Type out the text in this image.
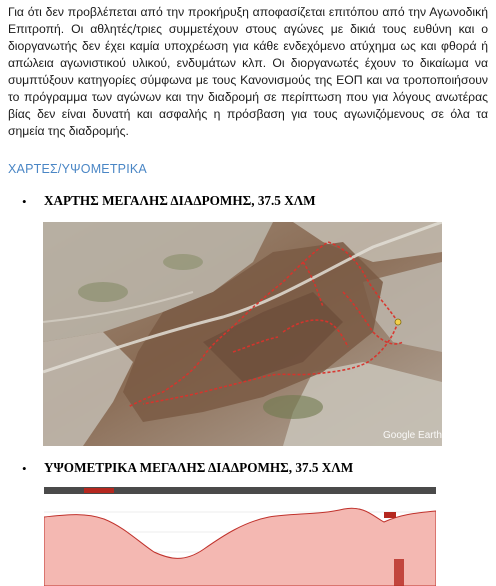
Για ότι δεν προβλέπεται από την προκήρυξη αποφασίζεται επιτόπου από την Αγωνοδική Επιτροπή. Οι αθλητές/τριες συμμετέχουν στους αγώνες με δικιά τους ευθύνη και ο διοργανωτής δεν έχει καμία υποχρέωση για κάθε ενδεχόμενο ατύχημα ως και φθορά ή απώλεια αγωνιστικού υλικού, ενδυμάτων κλπ. Οι διοργανωτές έχουν το δικαίωμα να συμπτύξουν κατηγορίες σύμφωνα με τους Κανονισμούς της ΕΟΠ και να τροποποιήσουν το πρόγραμμα των αγώνων και την διαδρομή σε περίπτωση που για λόγους ανωτέρας βίας δεν είναι δυνατή και ασφαλής η πρόσβαση για τους αγωνιζόμενους σε όλα τα σημεία της διαδρομής.
ΧΑΡΤΕΣ/ΥΨΟΜΕΤΡΙΚΑ
• ΧΑΡΤΗΣ ΜΕΓΑΛΗΣ ΔΙΑΔΡΟΜΗΣ, 37.5 ΧΛΜ
Google Earth
• ΥΨΟΜΕΤΡΙΚΑ ΜΕΓΑΛΗΣ ΔΙΑΔΡΟΜΗΣ, 37.5 ΧΛΜ
